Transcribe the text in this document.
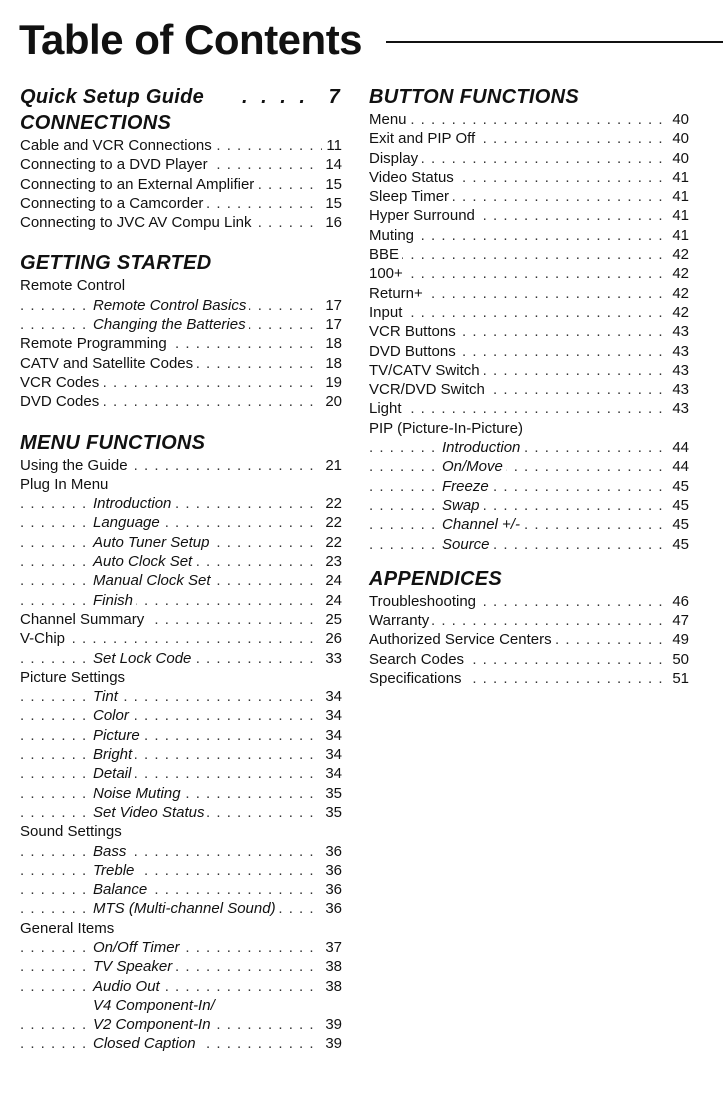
Table of Contents
Quick Setup Guide . . . . 7
CONNECTIONS
Cable and VCR Connections	11
. . .
Connecting to a DVD Player	14
. . .
Connecting to an External Amplifier	15
. . .
Connecting to a Camcorder	15
. . .
Connecting to JVC AV Compu Link	16
. . .
GETTING STARTED
Remote Control
Remote Control Basics	17
. . .
Changing the Batteries	17
. . .
Remote Programming	18
. . .
CATV and Satellite Codes	18
. . .
VCR Codes	19
. . .
DVD Codes	20
. . .
MENU FUNCTIONS
Using the Guide	21
. . .
Plug In Menu
Introduction	22
. . .
Language	22
. . .
Auto Tuner Setup	22
. . .
Auto Clock Set	23
. . .
Manual Clock Set	24
. . .
Finish	24
. . .
Channel Summary	25
. . .
V-Chip	26
. . .
Set Lock Code	33
. . .
Picture Settings
Tint	34
. . .
Color	34
. . .
Picture	34
. . .
Bright	34
. . .
Detail	34
. . .
Noise Muting	35
. . .
Set Video Status	35
. . .
Sound Settings
Bass	36
. . .
Treble	36
. . .
Balance	36
. . .
MTS (Multi-channel Sound)	36
. . .
General Items
On/Off Timer	37
. . .
TV Speaker	38
. . .
Audio Out	38
. . .
V4 Component-In/
V2 Component-In	39
. . .
Closed Caption	39
. . .
BUTTON FUNCTIONS
Menu	40
. . .
Exit and PIP Off	40
. . .
Display	40
. . .
Video Status	41
. . .
Sleep Timer	41
. . .
Hyper Surround	41
. . .
Muting	41
. . .
BBE	42
. . .
100+	42
. . .
Return+	42
. . .
Input	42
. . .
VCR Buttons	43
. . .
DVD Buttons	43
. . .
TV/CATV Switch	43
. . .
VCR/DVD Switch	43
. . .
Light	43
. . .
PIP (Picture-In-Picture)
Introduction	44
. . .
On/Move	44
. . .
Freeze	45
. . .
Swap	45
. . .
Channel +/-	45
. . .
Source	45
. . .
APPENDICES
Troubleshooting	46
. . .
Warranty	47
. . .
Authorized Service Centers	49
. . .
Search Codes	50
. . .
Specifications	51
. . .
